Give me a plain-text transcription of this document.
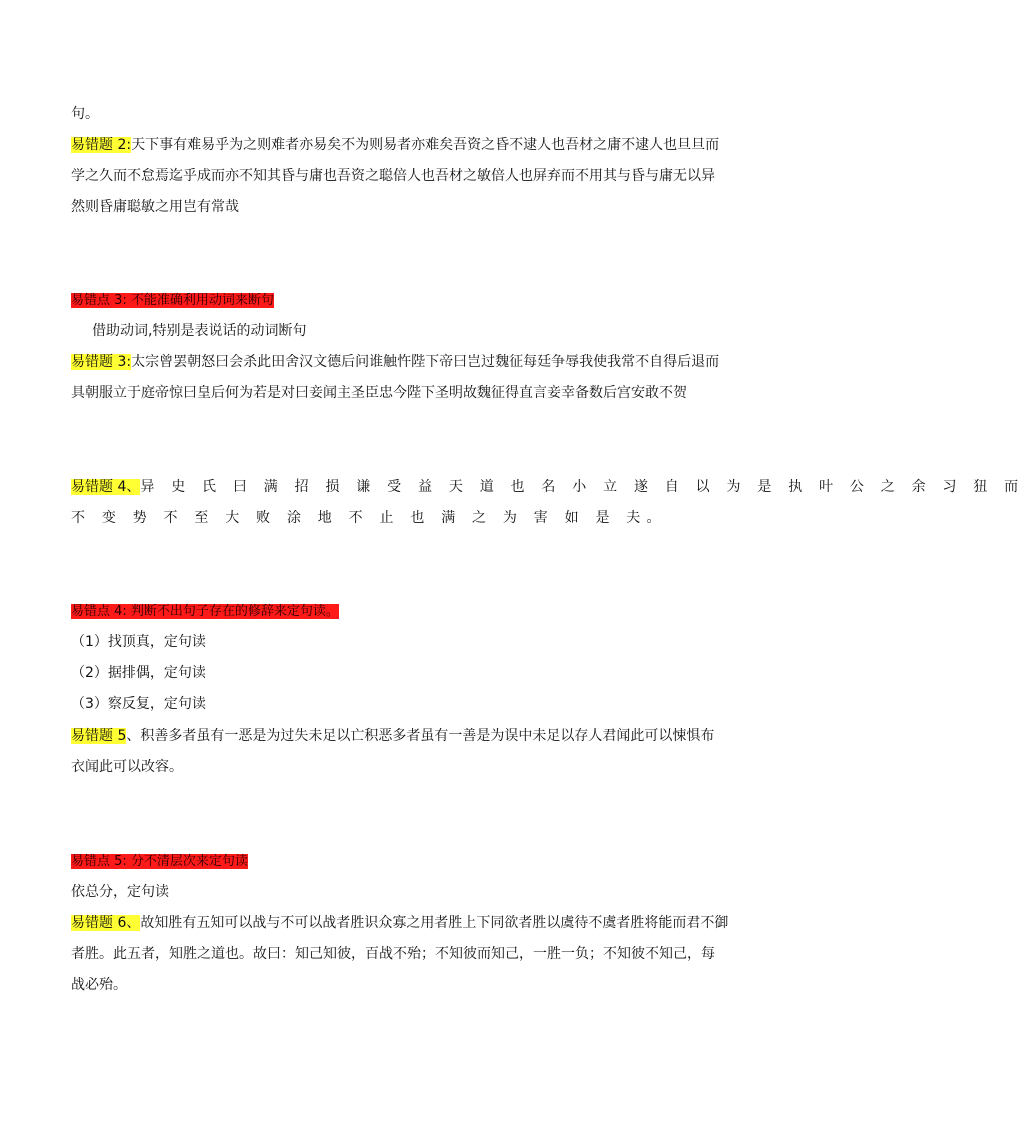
句。
易错题 2:天下事有难易乎为之则难者亦易矣不为则易者亦难矣吾资之昏不逮人也吾材之庸不逮人也旦旦而
学之久而不怠焉迄乎成而亦不知其昏与庸也吾资之聪倍人也吾材之敏倍人也屏弃而不用其与昏与庸无以异
然则昏庸聪敏之用岂有常哉
易错点 3: 不能准确利用动词来断句
借助动词,特别是表说话的动词断句
易错题 3:太宗曾罢朝怒曰会杀此田舍汉文德后问谁触忤陛下帝曰岂过魏征每廷争辱我使我常不自得后退而
具朝服立于庭帝惊曰皇后何为若是对曰妾闻主圣臣忠今陛下圣明故魏征得直言妾幸备数后宫安敢不贺
易错题 4、异 史 氏 曰 满 招 损 谦 受 益 天 道 也 名 小 立 遂 自 以 为 是 执 叶 公 之 余 习 狃 而
不 变 势 不 至 大 败 涂 地 不 止 也 满 之 为 害 如 是 夫。
易错点 4: 判断不出句子存在的修辞来定句读。
（1）找顶真，定句读
（2）据排偶，定句读
（3）察反复，定句读
易错题 5、积善多者虽有一恶是为过失未足以亡积恶多者虽有一善是为误中未足以存人君闻此可以悚惧布
衣闻此可以改容。
易错点 5: 分不清层次来定句读
依总分，定句读
易错题 6、故知胜有五知可以战与不可以战者胜识众寡之用者胜上下同欲者胜以虞待不虞者胜将能而君不御
者胜。此五者，知胜之道也。故曰：知己知彼，百战不殆；不知彼而知己，一胜一负；不知彼不知己，每
战必殆。
